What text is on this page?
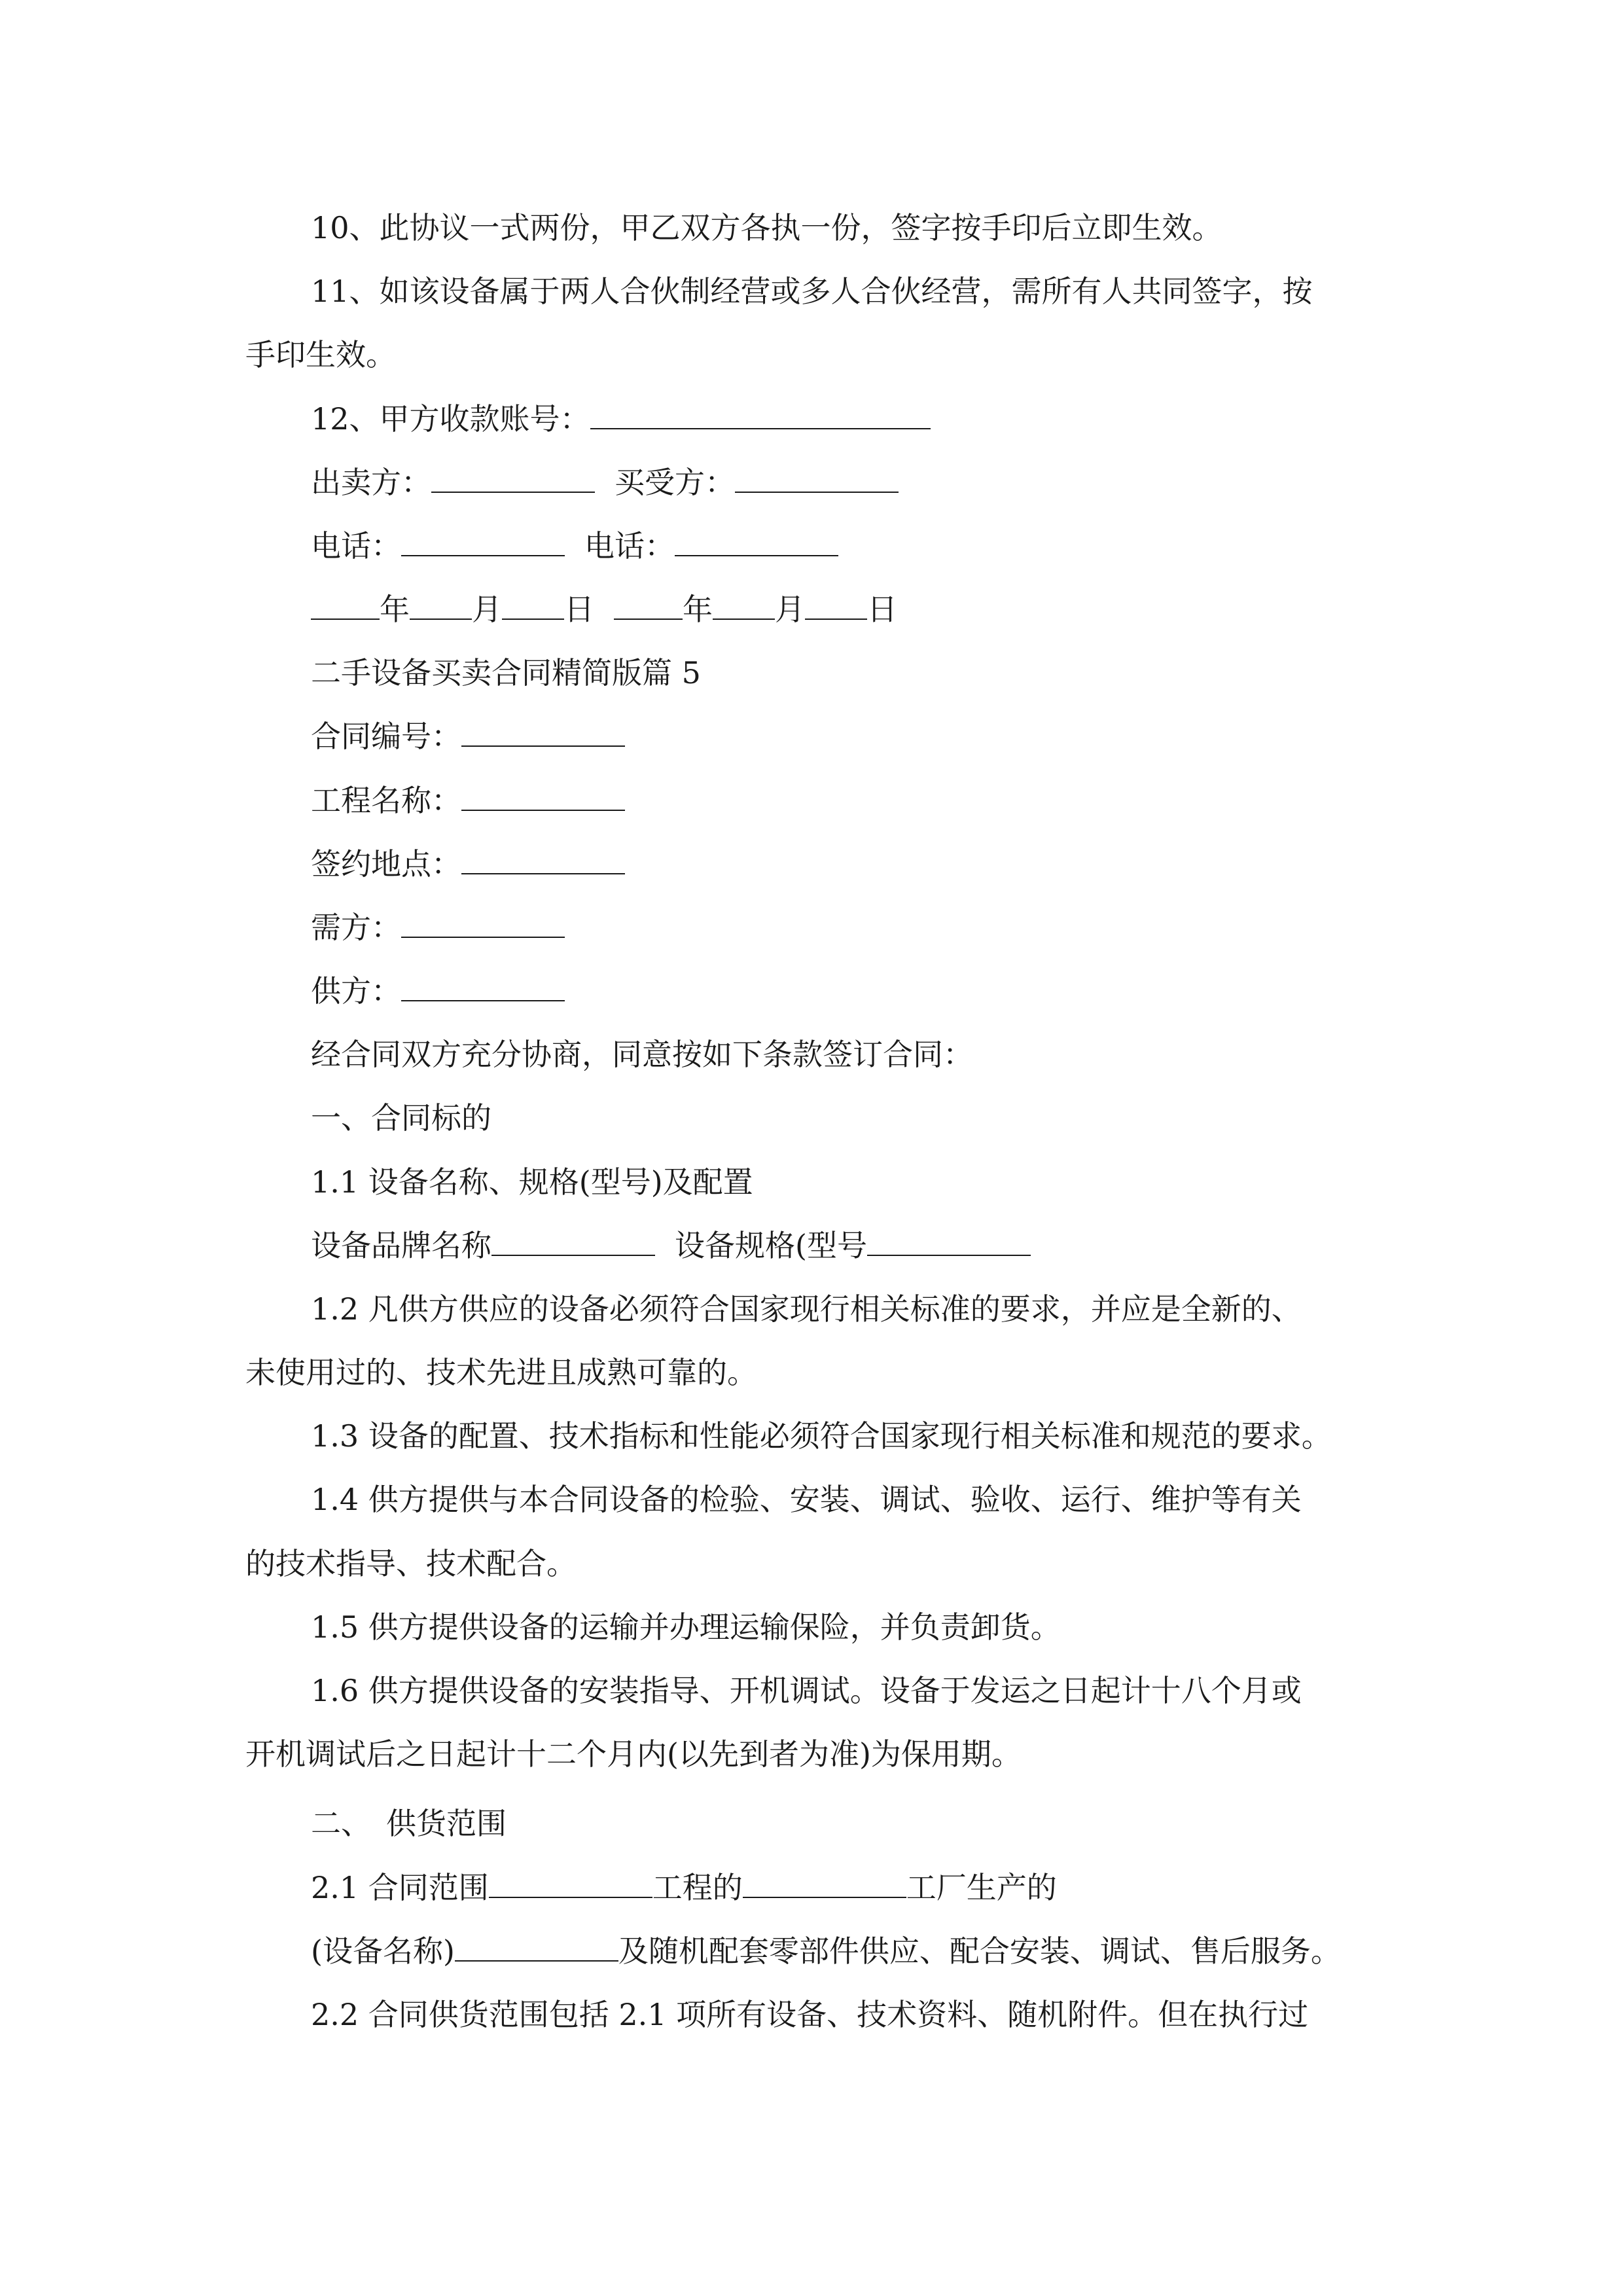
10、此协议一式两份，甲乙双方各执一份，签字按手印后立即生效。
11、如该设备属于两人合伙制经营或多人合伙经营，需所有人共同签字，按
手印生效。
12、甲方收款账号：
出卖方：	买受方：
电话：	电话：
年 月 日	年 月 日
二手设备买卖合同精简版篇 5
合同编号：
工程名称：
签约地点：
需方：
供方：
经合同双方充分协商，同意按如下条款签订合同：
一、合同标的
1.1 设备名称、规格(型号)及配置
设备品牌名称	设备规格(型号
1.2 凡供方供应的设备必须符合国家现行相关标准的要求，并应是全新的、
未使用过的、技术先进且成熟可靠的。
1.3 设备的配置、技术指标和性能必须符合国家现行相关标准和规范的要求。
1.4 供方提供与本合同设备的检验、安装、调试、验收、运行、维护等有关
的技术指导、技术配合。
1.5 供方提供设备的运输并办理运输保险，并负责卸货。
1.6 供方提供设备的安装指导、开机调试。设备于发运之日起计十八个月或
开机调试后之日起计十二个月内(以先到者为准)为保用期。
二、　供货范围
2.1 合同范围	工程的	工厂生产的
(设备名称)	及随机配套零部件供应、配合安装、调试、售后服务。
2.2 合同供货范围包括 2.1 项所有设备、技术资料、随机附件。但在执行过
